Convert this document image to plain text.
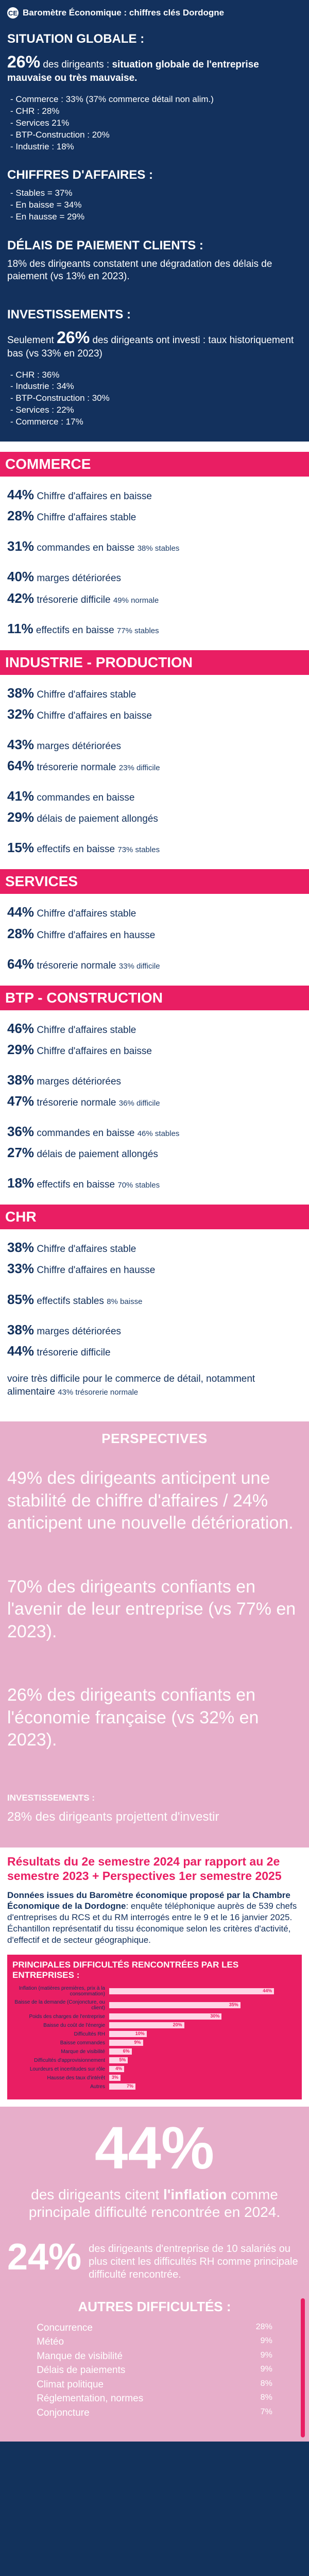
CE Baromètre Économique : chiffres clés Dordogne
SITUATION GLOBALE :
26% des dirigeants : situation globale de l'entreprise mauvaise ou très mauvaise.
- Commerce : 33% (37% commerce détail non alim.)
- CHR : 28%
- Services 21%
- BTP-Construction : 20%
- Industrie : 18%
CHIFFRES D'AFFAIRES :
- Stables = 37%
- En baisse = 34%
- En hausse = 29%
DÉLAIS DE PAIEMENT CLIENTS :
18% des dirigeants constatent une dégradation des délais de paiement (vs 13% en 2023).
INVESTISSEMENTS :
Seulement 26% des dirigeants ont investi : taux historiquement bas (vs 33% en 2023)
- CHR : 36%
- Industrie : 34%
- BTP-Construction : 30%
- Services : 22%
- Commerce : 17%
COMMERCE
44% Chiffre d'affaires en baisse
28% Chiffre d'affaires stable
31% commandes en baisse 38% stables
40% marges détériorées
42% trésorerie difficile 49% normale
11% effectifs en baisse 77% stables
INDUSTRIE - PRODUCTION
38% Chiffre d'affaires stable
32% Chiffre d'affaires en baisse
43% marges détériorées
64% trésorerie normale 23% difficile
41% commandes en baisse
29% délais de paiement allongés
15% effectifs en baisse 73% stables
SERVICES
44% Chiffre d'affaires stable
28% Chiffre d'affaires en hausse
64% trésorerie normale 33% difficile
BTP - CONSTRUCTION
46% Chiffre d'affaires stable
29% Chiffre d'affaires en baisse
38% marges détériorées
47% trésorerie normale 36% difficile
36% commandes en baisse 46% stables
27% délais de paiement allongés
18% effectifs en baisse 70% stables
CHR
38% Chiffre d'affaires stable
33% Chiffre d'affaires en hausse
85% effectifs stables 8% baisse
38% marges détériorées
44% trésorerie difficile
voire très difficile pour le commerce de détail, notamment alimentaire 43% trésorerie normale
PERSPECTIVES

49% des dirigeants anticipent une stabilité de chiffre d'affaires / 24% anticipent une nouvelle détérioration.

70% des dirigeants confiants en l'avenir de leur entreprise (vs 77% en 2023).

26% des dirigeants confiants en l'économie française (vs 32% en 2023).

INVESTISSEMENTS :

28% des dirigeants projettent d'investir

Résultats du 2e semestre 2024 par rapport au 2e semestre 2023 + Perspectives 1er semestre 2025
Données issues du Baromètre économique proposé par la Chambre Économique de la Dordogne: enquête téléphonique auprès de 539 chefs d'entreprises du RCS et du RM interrogés entre le 9 et le 16 janvier 2025. Échantillon représentatif du tissu économique selon les critères d'activité, d'effectif et de secteur géographique.
PRINCIPALES DIFFICULTÉS RENCONTRÉES PAR LES ENTREPRISES :
Inflation (matières premières, prix à la consommation)
44%
Baisse de la demande (Conjoncture, ou client)
35%
Poids des charges de l'entreprise	30%
Baisse du coût de l'énergie	20%
Difficultés RH	10%
Baisse commandes	9%
Marque de visibilité	6%
Difficultés d'approvisionnement	5%
Lourdeurs et incertitudes sur rôle 4%
Hausse des taux d'intérêt 3%
Autres	7%
44%
des dirigeants citent l'inflation comme principale difficulté rencontrée en 2024.
24% des dirigeants d'entreprise de 10 salariés ou plus citent les difficultés RH comme principale difficulté rencontrée.
AUTRES DIFFICULTÉS :
Concurrence	28%
Météo	9%
Manque de visibilité	9%
Délais de paiements	9%
Climat politique	8%
Réglementation, normes	8%
Conjoncture	7%
